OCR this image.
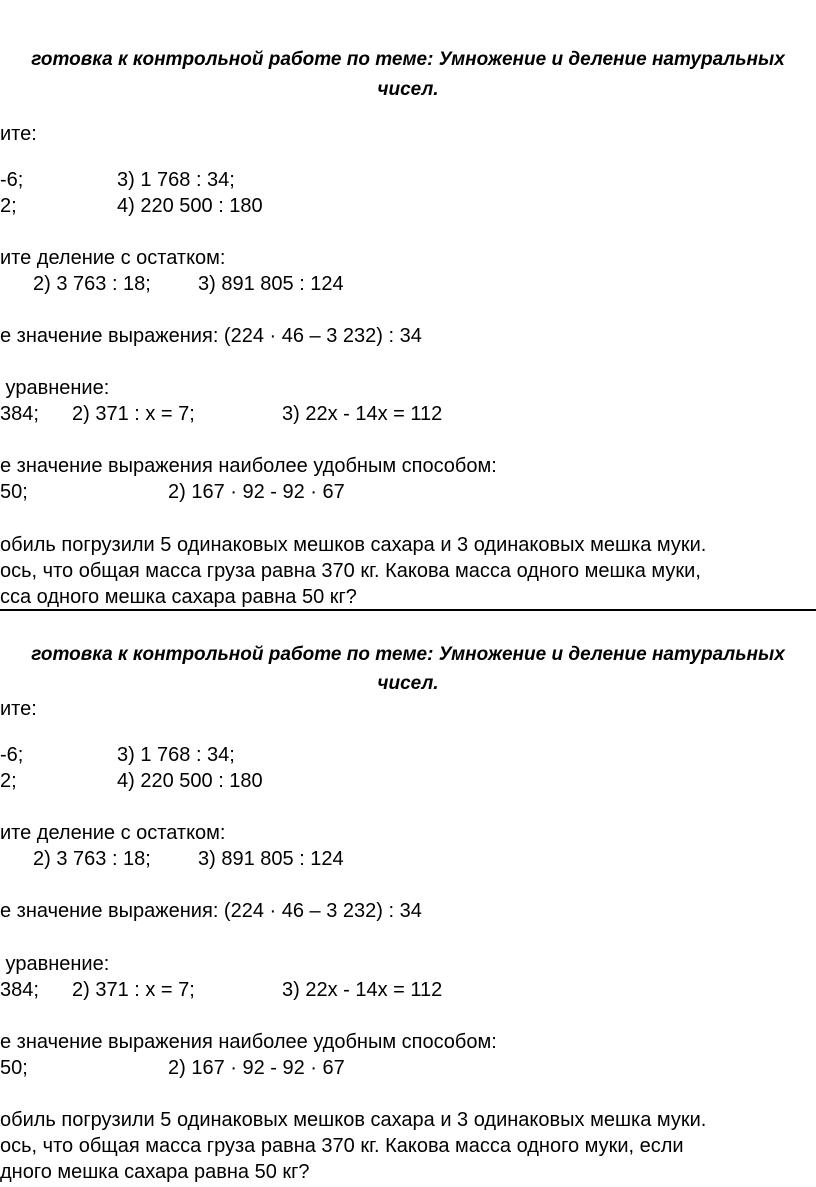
готовка к контрольной работе по теме: Умножение и деление натуральных

чисел.

ите:

-6;	3) 1 768 : 34;

2;	4) 220 500 : 180

ите деление с остатком:

2) 3 763 : 18; 3) 891 805 : 124

е значение выражения: (224 · 46 – 3 232) : 34

уравнение:

384; 2) 371 : x = 7;	3) 22x - 14x = 112

е значение выражения наиболее удобным способом:

50;	2) 167 · 92 - 92 · 67

обиль погрузили 5 одинаковых мешков сахара и 3 одинаковых мешка муки.

ось, что общая масса груза равна 370 кг. Какова масса одного мешка муки,

сса одного мешка сахара равна 50 кг?

готовка к контрольной работе по теме: Умножение и деление натуральных

чисел.

ите:

-6;	3) 1 768 : 34;

2;	4) 220 500 : 180

ите деление с остатком:

2) 3 763 : 18; 3) 891 805 : 124

е значение выражения: (224 · 46 – 3 232) : 34

уравнение:

384; 2) 371 : x = 7;	3) 22x - 14x = 112

е значение выражения наиболее удобным способом:

50;	2) 167 · 92 - 92 · 67

обиль погрузили 5 одинаковых мешков сахара и 3 одинаковых мешка муки.

ось, что общая масса груза равна 370 кг. Какова масса одного муки, если

дного мешка сахара равна 50 кг?
